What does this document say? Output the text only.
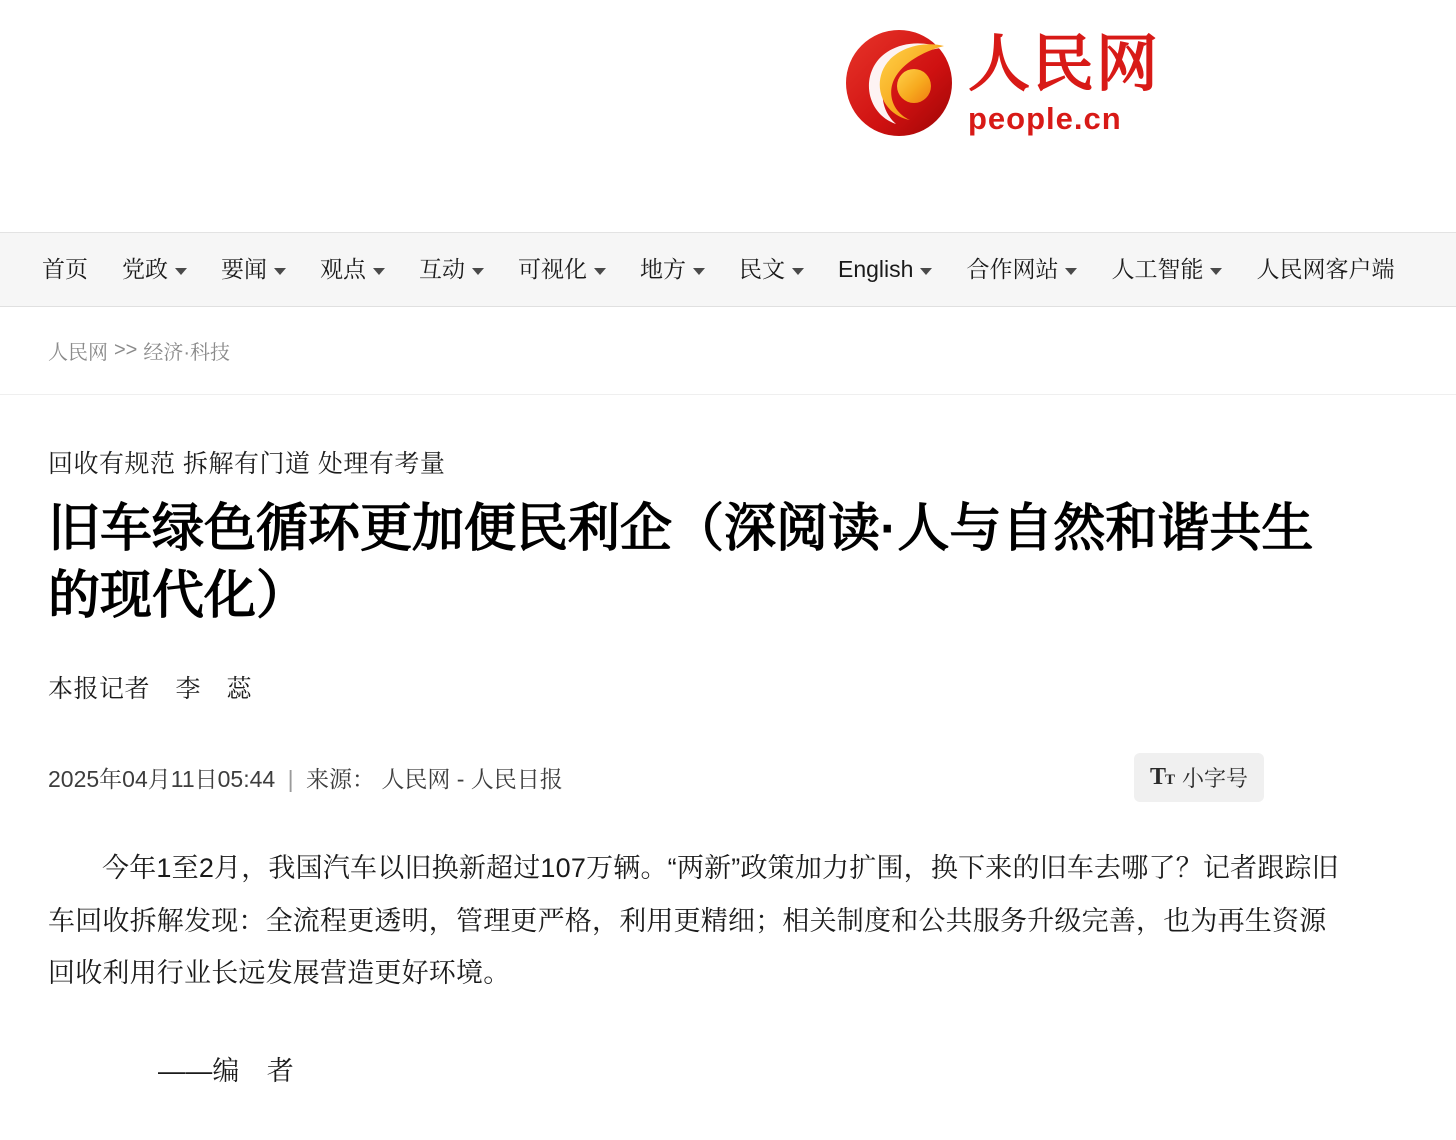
人民网
people.cn
首页 党政 要闻 观点 互动 可视化 地方 民文 English 合作网站 人工智能 人民网客户端
人民网 >> 经济·科技

回收有规范 拆解有门道 处理有考量

旧车绿色循环更加便民利企（深阅读·人与自然和谐共生的现代化）

本报记者　李　蕊

2025年04月11日05:44 | 来源： 人民网 - 人民日报	TT 小字号

今年1至2月，我国汽车以旧换新超过107万辆。“两新”政策加力扩围，换下来的旧车去哪了？记者跟踪旧车回收拆解发现：全流程更透明，管理更严格，利用更精细；相关制度和公共服务升级完善，也为再生资源回收利用行业长远发展营造更好环境。

——编　者
